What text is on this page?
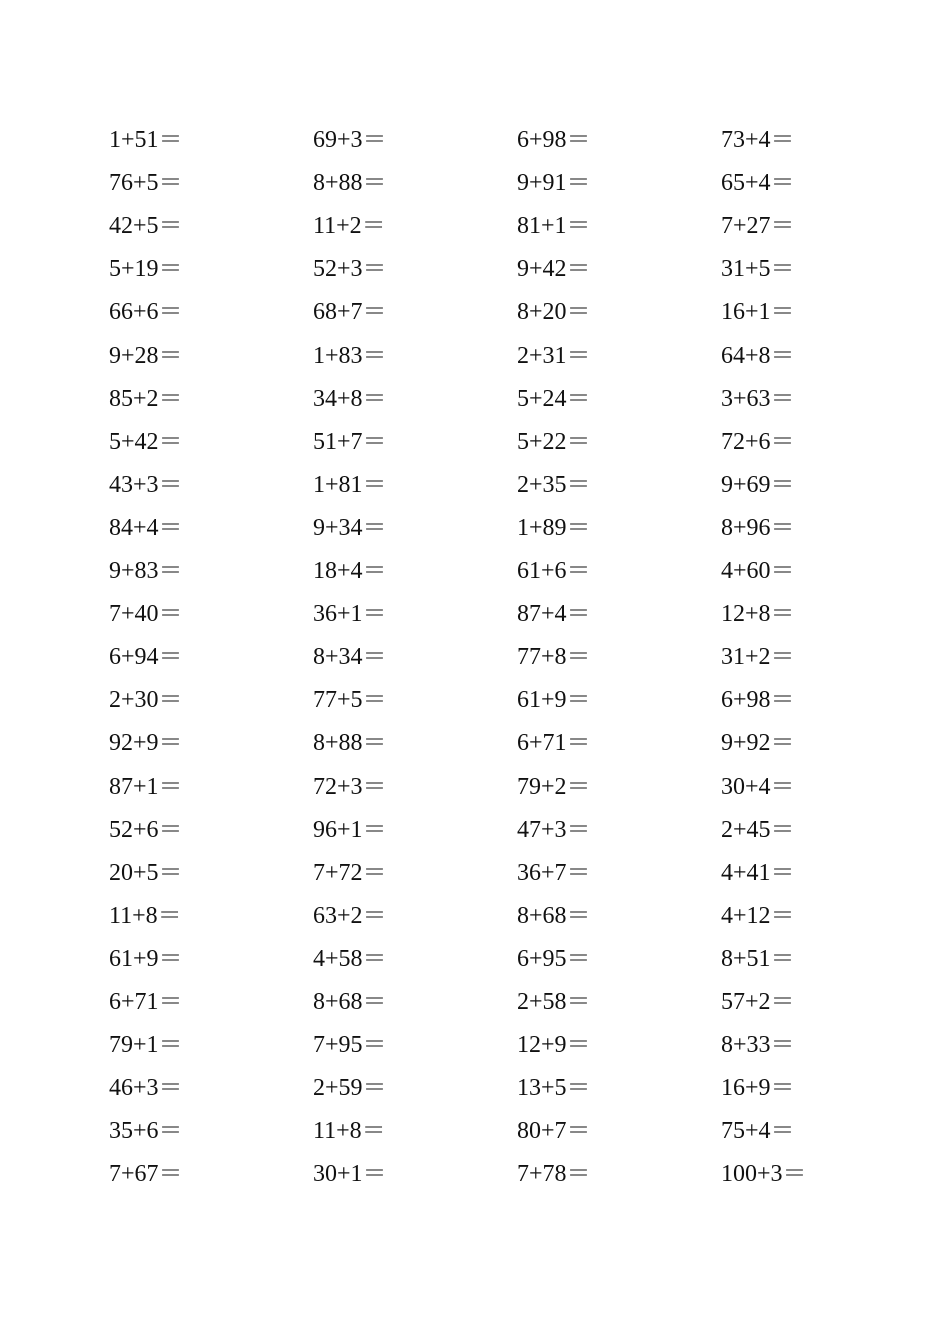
1+51＝	69+3＝	6+98＝	73+4＝
76+5＝	8+88＝	9+91＝	65+4＝
42+5＝	11+2＝	81+1＝	7+27＝
5+19＝	52+3＝	9+42＝	31+5＝
66+6＝	68+7＝	8+20＝	16+1＝
9+28＝	1+83＝	2+31＝	64+8＝
85+2＝	34+8＝	5+24＝	3+63＝
5+42＝	51+7＝	5+22＝	72+6＝
43+3＝	1+81＝	2+35＝	9+69＝
84+4＝	9+34＝	1+89＝	8+96＝
9+83＝	18+4＝	61+6＝	4+60＝
7+40＝	36+1＝	87+4＝	12+8＝
6+94＝	8+34＝	77+8＝	31+2＝
2+30＝	77+5＝	61+9＝	6+98＝
92+9＝	8+88＝	6+71＝	9+92＝
87+1＝	72+3＝	79+2＝	30+4＝
52+6＝	96+1＝	47+3＝	2+45＝
20+5＝	7+72＝	36+7＝	4+41＝
11+8＝	63+2＝	8+68＝	4+12＝
61+9＝	4+58＝	6+95＝	8+51＝
6+71＝	8+68＝	2+58＝	57+2＝
79+1＝	7+95＝	12+9＝	8+33＝
46+3＝	2+59＝	13+5＝	16+9＝
35+6＝	11+8＝	80+7＝	75+4＝
7+67＝	30+1＝	7+78＝	100+3＝
